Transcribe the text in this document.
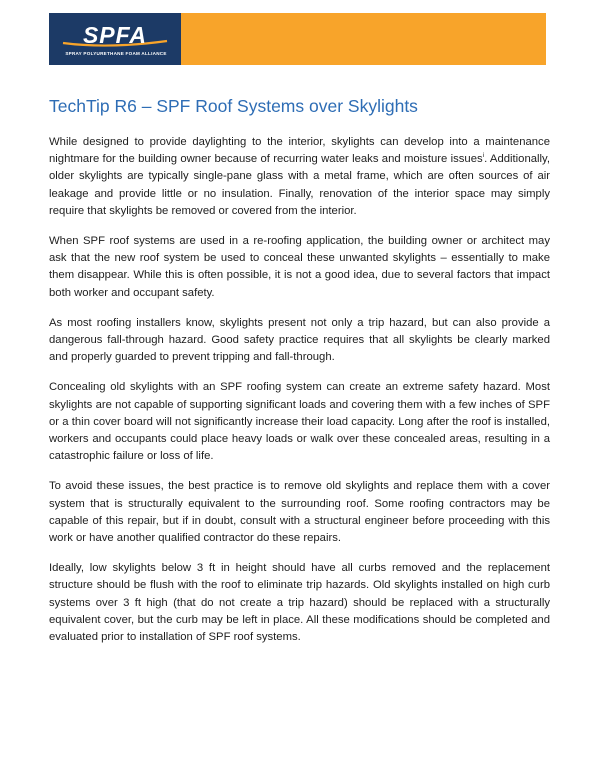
SPFA
SPRAY POLYURETHANE FOAM ALLIANCE
TechTip R6 – SPF Roof Systems over Skylights

While designed to provide daylighting to the interior, skylights can develop into a maintenance nightmare for the building owner because of recurring water leaks and moisture issues$^i$. Additionally, older skylights are typically single-pane glass with a metal frame, which are often sources of air leakage and provide little or no insulation. Finally, renovation of the interior space may simply require that skylights be removed or covered from the interior.

When SPF roof systems are used in a re-roofing application, the building owner or architect may ask that the new roof system be used to conceal these unwanted skylights – essentially to make them disappear. While this is often possible, it is not a good idea, due to several factors that impact both worker and occupant safety.

As most roofing installers know, skylights present not only a trip hazard, but can also provide a dangerous fall-through hazard. Good safety practice requires that all skylights be clearly marked and properly guarded to prevent tripping and fall-through.

Concealing old skylights with an SPF roofing system can create an extreme safety hazard. Most skylights are not capable of supporting significant loads and covering them with a few inches of SPF or a thin cover board will not significantly increase their load capacity. Long after the roof is installed, workers and occupants could place heavy loads or walk over these concealed areas, resulting in a catastrophic failure or loss of life.

To avoid these issues, the best practice is to remove old skylights and replace them with a cover system that is structurally equivalent to the surrounding roof. Some roofing contractors may be capable of this repair, but if in doubt, consult with a structural engineer before proceeding with this work or have another qualified contractor do these repairs.

Ideally, low skylights below 3 ft in height should have all curbs removed and the replacement structure should be flush with the roof to eliminate trip hazards. Old skylights installed on high curb systems over 3 ft high (that do not create a trip hazard) should be replaced with a structurally equivalent cover, but the curb may be left in place. All these modifications should be completed and evaluated prior to installation of SPF roof systems.
